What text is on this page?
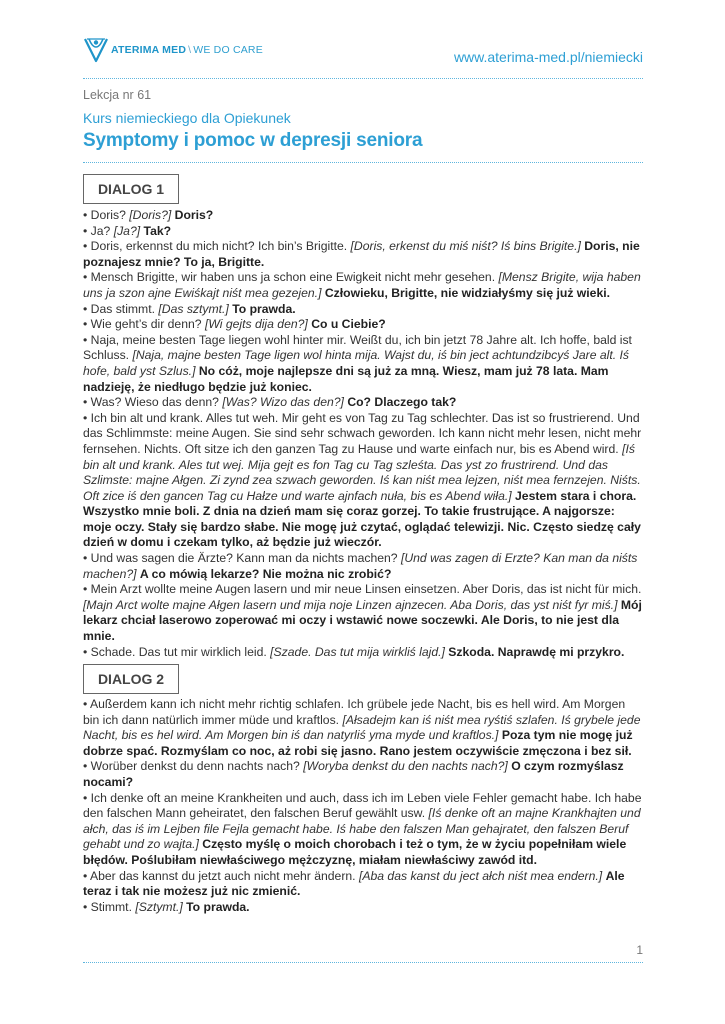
ATERIMA MED \ WE DO CARE	www.aterima-med.pl/niemiecki
Lekcja nr 61
Kurs niemieckiego dla Opiekunek
Symptomy i pomoc w depresji seniora
DIALOG 1

• Doris? [Doris?] Doris?

• Ja? [Ja?] Tak?

• Doris, erkennst du mich nicht? Ich bin’s Brigitte. [Doris, erkenst du miś niśt? Iś bins Brigite.] Doris, nie poznajesz mnie? To ja, Brigitte.

• Mensch Brigitte, wir haben uns ja schon eine Ewigkeit nicht mehr gesehen. [Mensz Brigite, wija haben uns ja szon ajne Ewiśkajt niśt mea gezejen.] Człowieku, Brigitte, nie widziałyśmy się już wieki.

• Das stimmt. [Das sztymt.] To prawda.

• Wie geht’s dir denn? [Wi gejts dija den?] Co u Ciebie?

• Naja, meine besten Tage liegen wohl hinter mir. Weißt du, ich bin jetzt 78 Jahre alt. Ich hoffe, bald ist Schluss. [Naja, majne besten Tage ligen wol hinta mija. Wajst du, iś bin ject achtundzibcyś Jare alt. Iś hofe, bald yst Szlus.] No cóż, moje najlepsze dni są już za mną. Wiesz, mam już 78 lata. Mam nadzieję, że niedługo będzie już koniec.

• Was? Wieso das denn? [Was? Wizo das den?] Co? Dlaczego tak?

• Ich bin alt und krank. Alles tut weh. Mir geht es von Tag zu Tag schlechter. Das ist so frustrierend. Und das Schlimmste: meine Augen. Sie sind sehr schwach geworden. Ich kann nicht mehr lesen, nicht mehr fernsehen. Nichts. Oft sitze ich den ganzen Tag zu Hause und warte einfach nur, bis es Abend wird. [Iś bin alt und krank. Ales tut wej. Mija gejt es fon Tag cu Tag szleśta. Das yst zo frustrirend. Und das Szlimste: majne Ałgen. Zi zynd zea szwach geworden. Iś kan niśt mea lejzen, niśt mea fernzejen. Niśts. Oft zice iś den gancen Tag cu Hałze und warte ajnfach nuła, bis es Abend wiła.] Jestem stara i chora. Wszystko mnie boli. Z dnia na dzień mam się coraz gorzej. To takie frustrujące. A najgorsze: moje oczy. Stały się bardzo słabe. Nie mogę już czytać, oglądać telewizji. Nic. Często siedzę cały dzień w domu i czekam tylko, aż będzie już wieczór.

• Und was sagen die Ärzte? Kann man da nichts machen? [Und was zagen di Erzte? Kan man da niśts machen?] A co mówią lekarze? Nie można nic zrobić?

• Mein Arzt wollte meine Augen lasern und mir neue Linsen einsetzen. Aber Doris, das ist nicht für mich. [Majn Arct wolte majne Ałgen lasern und mija noje Linzen ajnzecen. Aba Doris, das yst niśt fyr miś.] Mój lekarz chciał laserowo zoperować mi oczy i wstawić nowe soczewki. Ale Doris, to nie jest dla mnie.

• Schade. Das tut mir wirklich leid. [Szade. Das tut mija wirkliś lajd.] Szkoda. Naprawdę mi przykro.

DIALOG 2

• Außerdem kann ich nicht mehr richtig schlafen. Ich grübele jede Nacht, bis es hell wird. Am Morgen bin ich dann natürlich immer müde und kraftlos. [Ałsadejm kan iś niśt mea ryśtiś szlafen. Iś grybele jede Nacht, bis es hel wird. Am Morgen bin iś dan natyrliś yma myde und kraftlos.] Poza tym nie mogę już dobrze spać. Rozmyślam co noc, aż robi się jasno. Rano jestem oczywiście zmęczona i bez sił.

• Worüber denkst du denn nachts nach? [Woryba denkst du den nachts nach?] O czym rozmyślasz nocami?

• Ich denke oft an meine Krankheiten und auch, dass ich im Leben viele Fehler gemacht habe. Ich habe den falschen Mann geheiratet, den falschen Beruf gewählt usw. [Iś denke oft an majne Krankhajten und ałch, das iś im Lejben file Fejla gemacht habe. Iś habe den falszen Man gehajratet, den falszen Beruf gehabt und zo wajta.] Często myślę o moich chorobach i też o tym, że w życiu popełniłam wiele błędów. Poślubiłam niewłaściwego mężczyznę, miałam niewłaściwy zawód itd.

• Aber das kannst du jetzt auch nicht mehr ändern. [Aba das kanst du ject ałch niśt mea endern.] Ale teraz i tak nie możesz już nic zmienić.

• Stimmt. [Sztymt.] To prawda.

1
